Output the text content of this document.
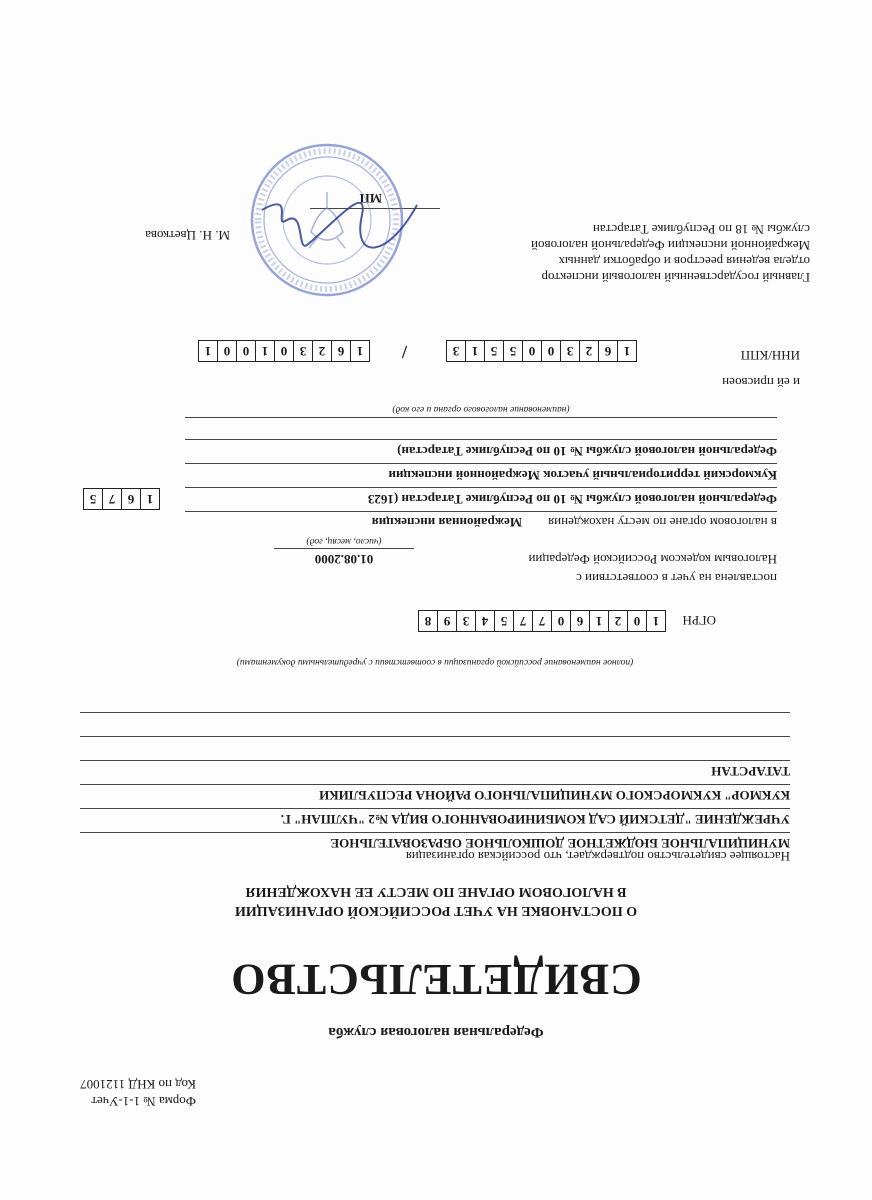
Форма № 1-1-Учет
Код по КНД 1121007
Федеральная налоговая служба
СВИДЕТЕЛЬСТВО
О ПОСТАНОВКЕ НА УЧЕТ РОССИЙСКОЙ ОРГАНИЗАЦИИ
В НАЛОГОВОМ ОРГАНЕ ПО МЕСТУ ЕЕ НАХОЖДЕНИЯ
Настоящее свидетельство подтверждает, что российская организация
МУНИЦИПАЛЬНОЕ БЮДЖЕТНОЕ ДОШКОЛЬНОЕ ОБРАЗОВАТЕЛЬНОЕ
УЧРЕЖДЕНИЕ "ДЕТСКИЙ САД КОМБИНИРОВАННОГО ВИДА №2 "ЧУЛПАН" Г.
КУКМОР" КУКМОРСКОГО МУНИЦИПАЛЬНОГО РАЙОНА РЕСПУБЛИКИ
ТАТАРСТАН
(полное наименование российской организации в соответствии с учредительными документами)
ОГРН
1
0
2
1
6
0
7
7
5
4
3
9
8
поставлена на учет в соответствии с
Налоговым кодексом Российской Федерации
01.08.2000
(число, месяц, год)
в налоговом органе по месту нахождения
Межрайонная инспекция
Федеральной налоговой службы № 10 по Республике Татарстан (1623
Кукморский территориальный участок Межрайонной инспекции
Федеральной налоговой службы № 10 по Республике Татарстан)
(наименование налогового органа и его код)
1
6
7
5
и ей присвоен
ИНН/КПП
1
6
2
3
0
0
5
5
1
3
/
1
6
2
3
0
1
0
0
1
Главный государственный налоговый инспектор
отдела ведения реестров и обработки данных
Межрайонной инспекции Федеральной налоговой
службы № 18 по Республике Татарстан
МП
М. Н. Цветкова
